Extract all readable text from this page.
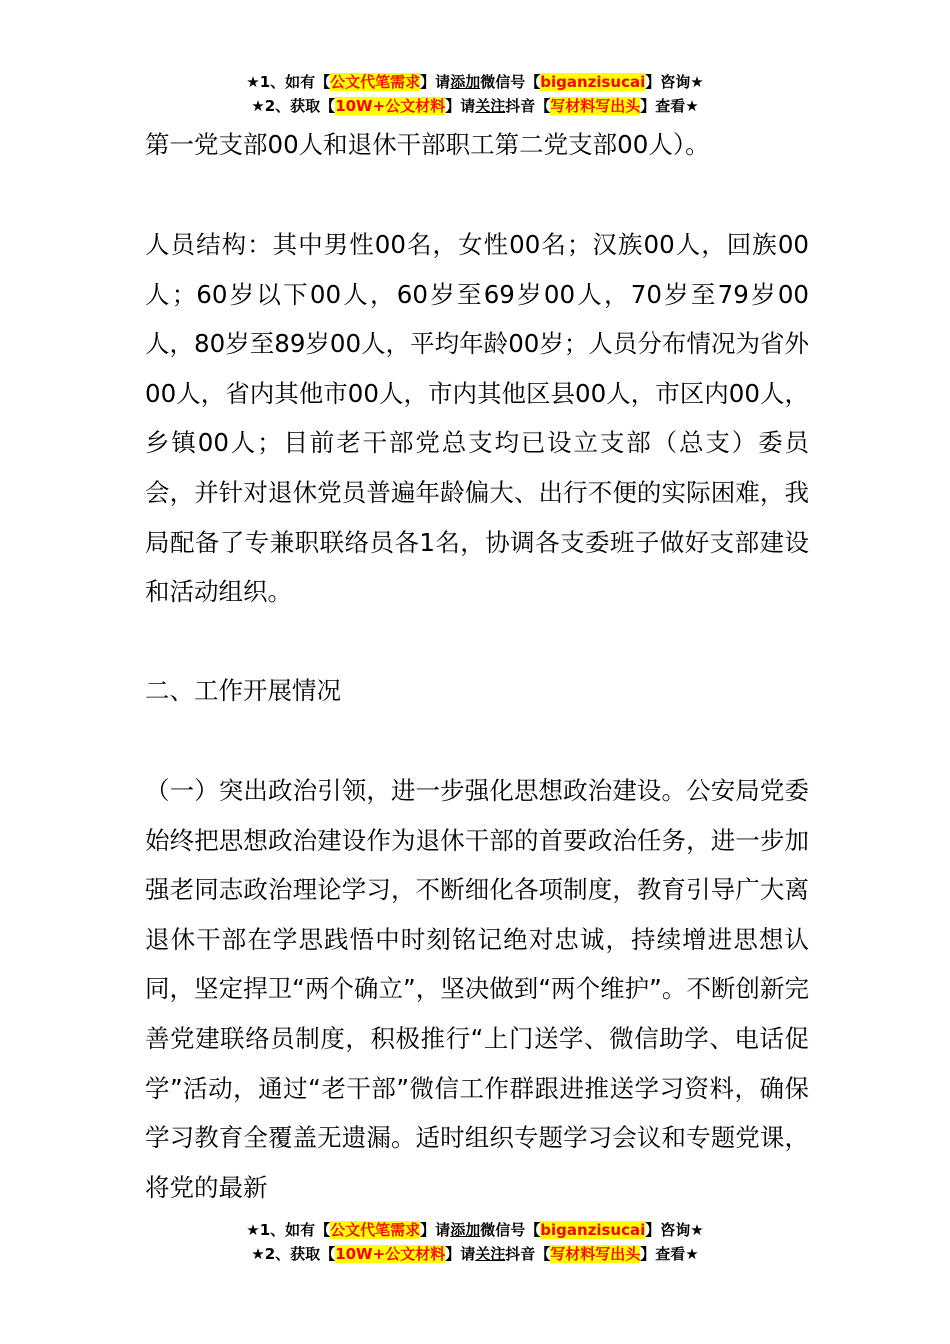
★1、如有【公文代笔需求】请添加微信号【biganzisucai】咨询★
★2、获取【10W+公文材料】请关注抖音【写材料写出头】查看★

第一党支部00人和退休干部职工第二党支部00人）。

人员结构：其中男性00名，女性00名；汉族00人，回族00人；60岁以下00人，60岁至69岁00人，70岁至79岁00人，80岁至89岁00人，平均年龄00岁；人员分布情况为省外00人，省内其他市00人，市内其他区县00人，市区内00人，乡镇00人；目前老干部党总支均已设立支部（总支）委员会，并针对退休党员普遍年龄偏大、出行不便的实际困难，我局配备了专兼职联络员各1名，协调各支委班子做好支部建设和活动组织。

二、工作开展情况

（一）突出政治引领，进一步强化思想政治建设。公安局党委始终把思想政治建设作为退休干部的首要政治任务，进一步加强老同志政治理论学习，不断细化各项制度，教育引导广大离退休干部在学思践悟中时刻铭记绝对忠诚，持续增进思想认同，坚定捍卫“两个确立”，坚决做到“两个维护”。不断创新完善党建联络员制度，积极推行“上门送学、微信助学、电话促学”活动，通过“老干部”微信工作群跟进推送学习资料，确保学习教育全覆盖无遗漏。适时组织专题学习会议和专题党课，将党的最新

★1、如有【公文代笔需求】请添加微信号【biganzisucai】咨询★
★2、获取【10W+公文材料】请关注抖音【写材料写出头】查看★
